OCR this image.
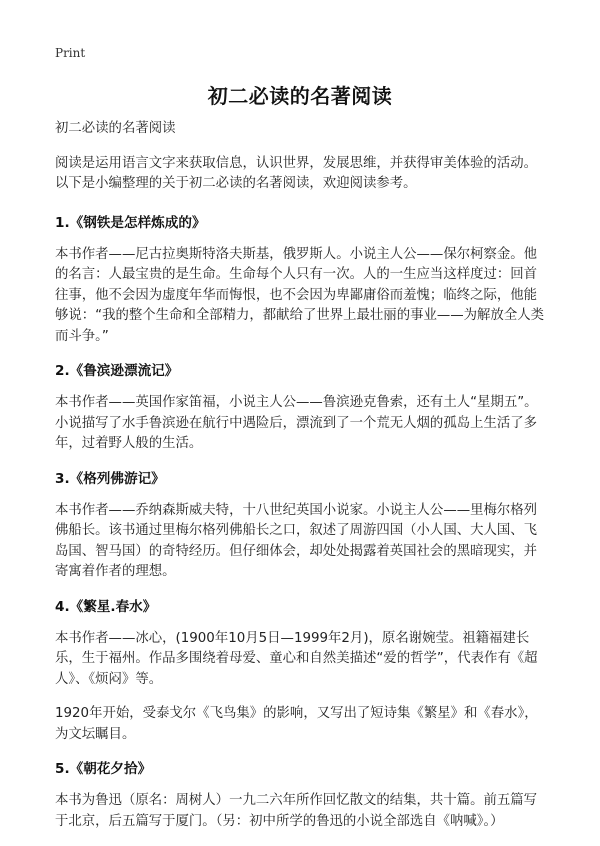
Print
初二必读的名著阅读

初二必读的名著阅读

阅读是运用语言文字来获取信息，认识世界，发展思维，并获得审美体验的活动。以下是小编整理的关于初二必读的名著阅读，欢迎阅读参考。

1.《钢铁是怎样炼成的》

本书作者——尼古拉奥斯特洛夫斯基，俄罗斯人。小说主人公——保尔柯察金。他的名言：人最宝贵的是生命。生命每个人只有一次。人的一生应当这样度过：回首往事，他不会因为虚度年华而悔恨，也不会因为卑鄙庸俗而羞愧；临终之际，他能够说：“我的整个生命和全部精力，都献给了世界上最壮丽的事业——为解放全人类而斗争。”

2.《鲁滨逊漂流记》

本书作者——英国作家笛福，小说主人公——鲁滨逊克鲁索，还有土人“星期五”。小说描写了水手鲁滨逊在航行中遇险后，漂流到了一个荒无人烟的孤岛上生活了多年，过着野人般的生活。

3.《格列佛游记》

本书作者——乔纳森斯威夫特，十八世纪英国小说家。小说主人公——里梅尔格列佛船长。该书通过里梅尔格列佛船长之口，叙述了周游四国（小人国、大人国、飞岛国、智马国）的奇特经历。但仔细体会，却处处揭露着英国社会的黑暗现实，并寄寓着作者的理想。

4.《繁星.春水》

本书作者——冰心，(1900年10月5日—1999年2月)，原名谢婉莹。祖籍福建长乐，生于福州。作品多围绕着母爱、童心和自然美描述“爱的哲学”，代表作有《超人》、《烦闷》等。

1920年开始，受泰戈尔《飞鸟集》的影响，又写出了短诗集《繁星》和《春水》，为文坛瞩目。

5.《朝花夕拾》

本书为鲁迅（原名：周树人）一九二六年所作回忆散文的结集，共十篇。前五篇写于北京，后五篇写于厦门。（另：初中所学的鲁迅的小说全部选自《呐喊》。）
